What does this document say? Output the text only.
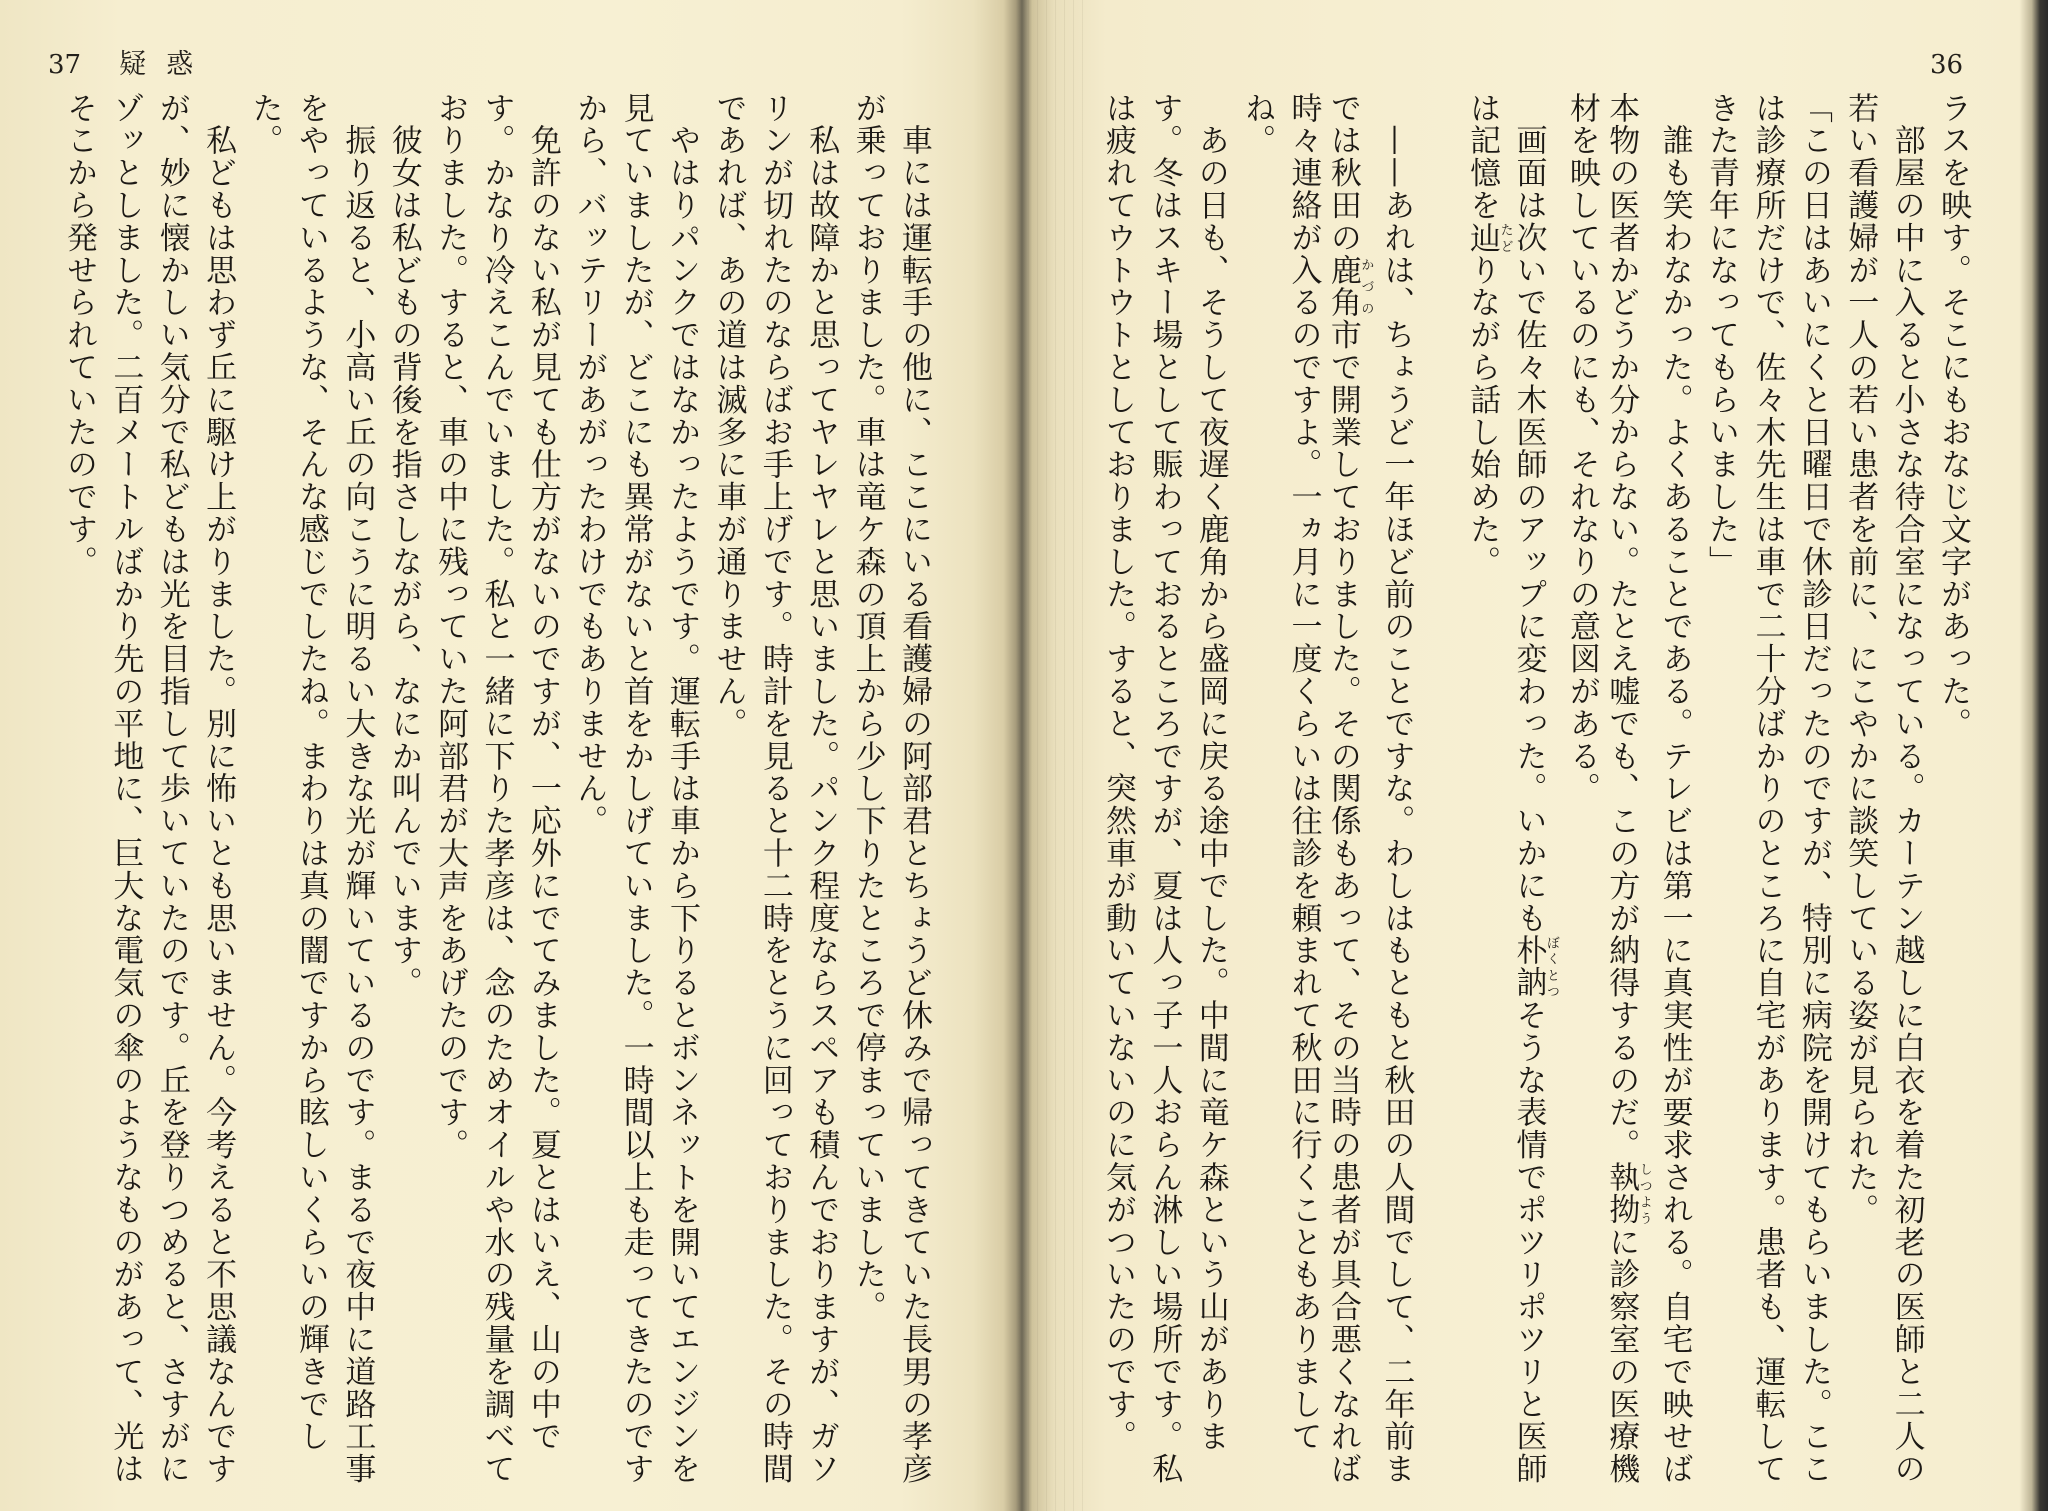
37 疑惑	36
ラスを映す。そこにもおなじ文字があった。
　部屋の中に入ると小さな待合室になっている。カーテン越しに白衣を着た初老の医師と二人の
若い看護婦が一人の若い患者を前に、にこやかに談笑している姿が見られた。
「この日はあいにくと日曜日で休診日だったのですが、特別に病院を開けてもらいました。ここ
は診療所だけで、佐々木先生は車で二十分ばかりのところに自宅があります。患者も、運転して
きた青年になってもらいました」
　誰も笑わなかった。よくあることである。テレビは第一に真実性が要求される。自宅で映せば
本物の医者かどうか分からない。たとえ嘘でも、この方が納得するのだ。執拗しつように診察室の医療機
材を映しているのにも、それなりの意図がある。
　画面は次いで佐々木医師のアップに変わった。いかにも朴訥ぼくとつそうな表情でポツリポツリと医師
は記憶を辿たどりながら話し始めた。
　——あれは、ちょうど一年ほど前のことですな。わしはもともと秋田の人間でして、二年前ま
では秋田の鹿角かづの市で開業しておりました。その関係もあって、その当時の患者が具合悪くなれば
時々連絡が入るのですよ。一ヵ月に一度くらいは往診を頼まれて秋田に行くこともありまして
ね。
　あの日も、そうして夜遅く鹿角から盛岡に戻る途中でした。中間に竜ケ森という山がありま
す。冬はスキー場として賑わっておるところですが、夏は人っ子一人おらん淋しい場所です。私
は疲れてウトウトとしておりました。すると、突然車が動いていないのに気がついたのです。
　車には運転手の他に、ここにいる看護婦の阿部君とちょうど休みで帰ってきていた長男の孝彦
が乗っておりました。車は竜ケ森の頂上から少し下りたところで停まっていました。
　私は故障かと思ってヤレヤレと思いました。パンク程度ならスペアも積んでおりますが、ガソ
リンが切れたのならばお手上げです。時計を見ると十二時をとうに回っておりました。その時間
であれば、あの道は滅多に車が通りません。
　やはりパンクではなかったようです。運転手は車から下りるとボンネットを開いてエンジンを
見ていましたが、どこにも異常がないと首をかしげていました。一時間以上も走ってきたのです
から、バッテリーがあがったわけでもありません。
　免許のない私が見ても仕方がないのですが、一応外にでてみました。夏とはいえ、山の中で
す。かなり冷えこんでいました。私と一緒に下りた孝彦は、念のためオイルや水の残量を調べて
おりました。すると、車の中に残っていた阿部君が大声をあげたのです。
　彼女は私どもの背後を指さしながら、なにか叫んでいます。
　振り返ると、小高い丘の向こうに明るい大きな光が輝いているのです。まるで夜中に道路工事
をやっているような、そんな感じでしたね。まわりは真の闇ですから眩しいくらいの輝きでし
た。
　私どもは思わず丘に駆け上がりました。別に怖いとも思いません。今考えると不思議なんです
が、妙に懐かしい気分で私どもは光を目指して歩いていたのです。丘を登りつめると、さすがに
ゾッとしました。二百メートルばかり先の平地に、巨大な電気の傘のようなものがあって、光は
そこから発せられていたのです。
